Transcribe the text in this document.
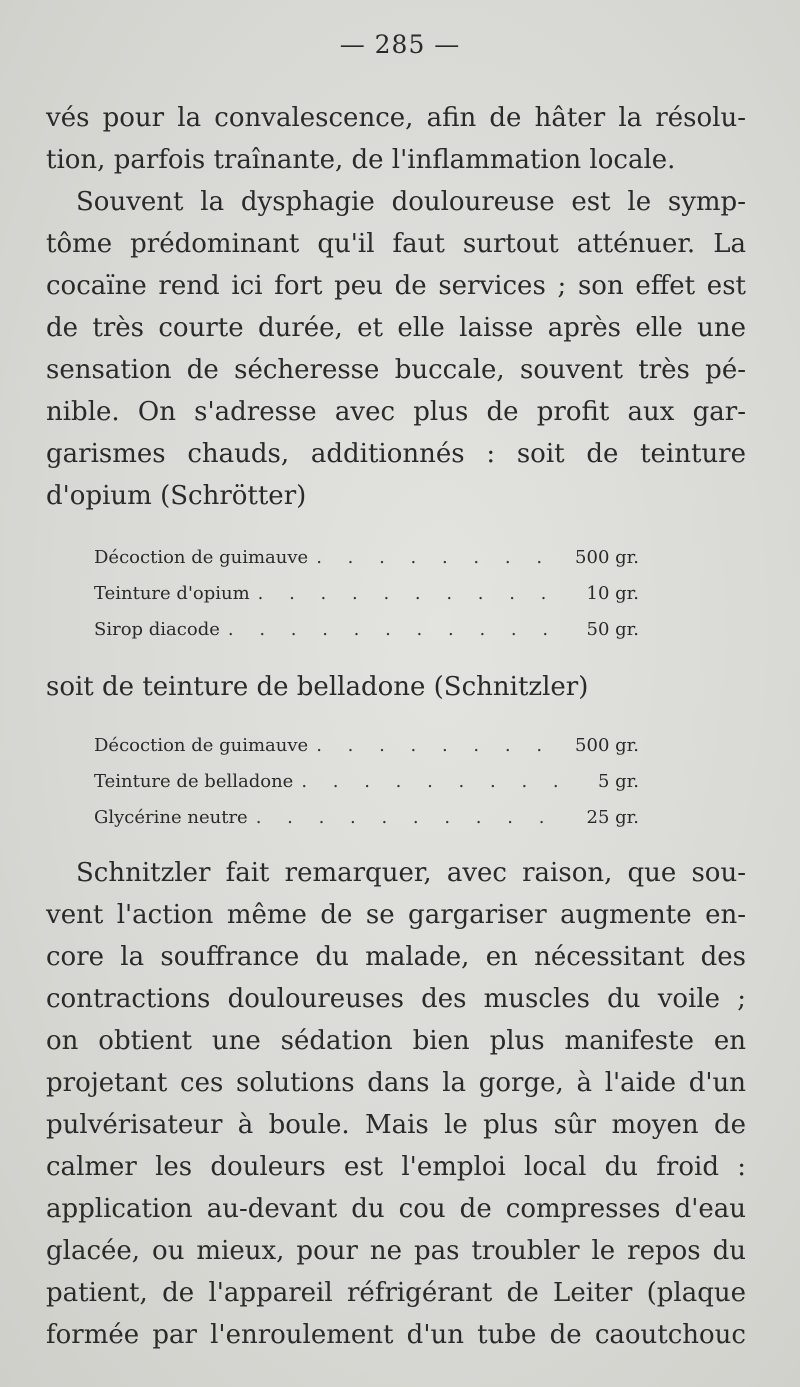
— 285 —
vés pour la convalescence, afin de hâter la résolu-
tion, parfois traînante, de l'inflammation locale.
Souvent la dysphagie douloureuse est le symp-
tôme prédominant qu'il faut surtout atténuer. La
cocaïne rend ici fort peu de services ; son effet est
de très courte durée, et elle laisse après elle une
sensation de sécheresse buccale, souvent très pé-
nible. On s'adresse avec plus de profit aux gar-
garismes chauds, additionnés : soit de teinture
d'opium (Schrötter)
Décoction de guimauve . . .	500 gr.
Teinture d'opium . . .	10 gr.
Sirop diacode . . .	50 gr.
soit de teinture de belladone (Schnitzler)
Décoction de guimauve . . .	500 gr.
Teinture de belladone . . .	5 gr.
Glycérine neutre . . .	25 gr.
Schnitzler fait remarquer, avec raison, que sou-
vent l'action même de se gargariser augmente en-
core la souffrance du malade, en nécessitant des
contractions douloureuses des muscles du voile ;
on obtient une sédation bien plus manifeste en
projetant ces solutions dans la gorge, à l'aide d'un
pulvérisateur à boule. Mais le plus sûr moyen de
calmer les douleurs est l'emploi local du froid :
application au-devant du cou de compresses d'eau
glacée, ou mieux, pour ne pas troubler le repos du
patient, de l'appareil réfrigérant de Leiter (plaque
formée par l'enroulement d'un tube de caoutchouc
